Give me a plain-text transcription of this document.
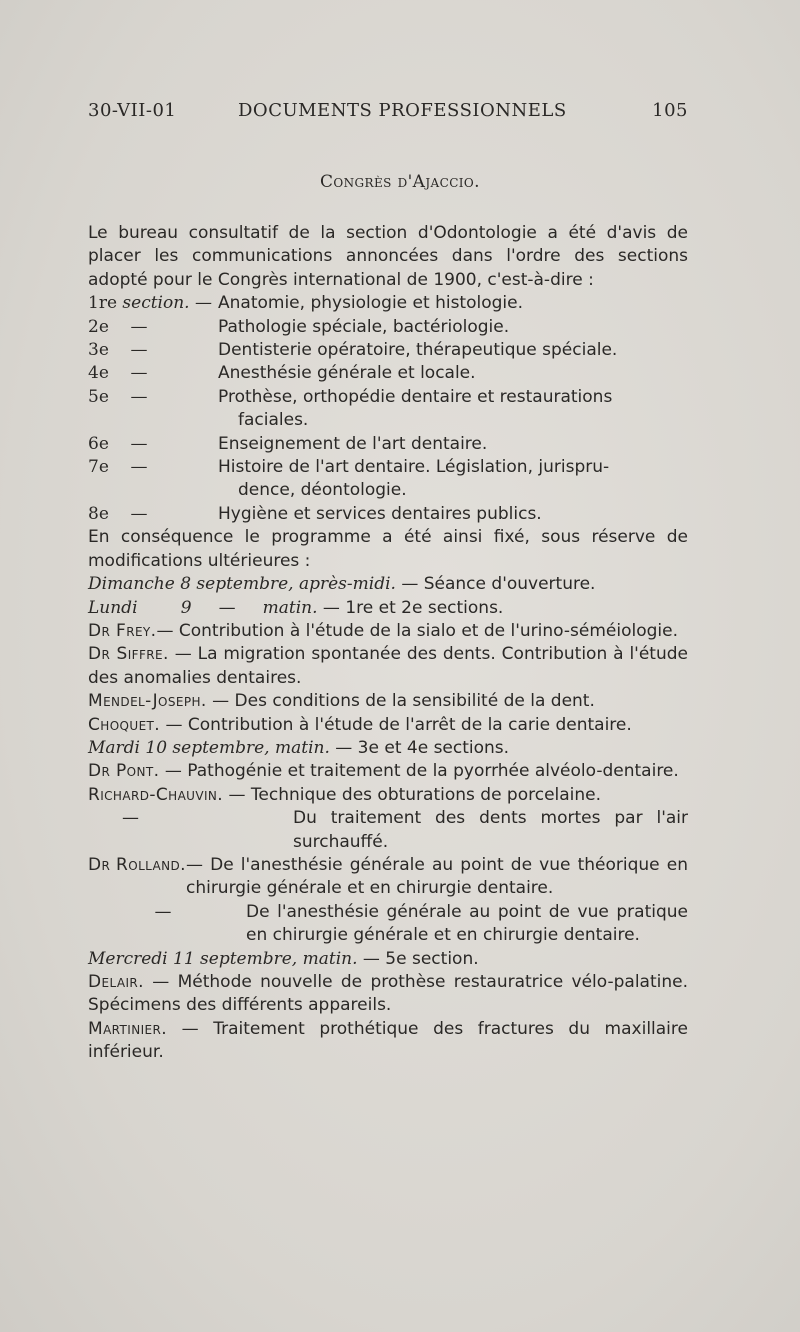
30-VII-01	DOCUMENTS PROFESSIONNELS	105
Congrès d'Ajaccio.
Le bureau consultatif de la section d'Odontologie a été d'avis de placer les communications annoncées dans l'ordre des sections adopté pour le Congrès international de 1900, c'est-à-dire :
1re section. — Anatomie, physiologie et histologie.
2e —	Pathologie spéciale, bactériologie.
3e —	Dentisterie opératoire, thérapeutique spéciale.
4e —	Anesthésie générale et locale.
5e —	Prothèse, orthopédie dentaire et restaurations
faciales.
6e —	Enseignement de l'art dentaire.
7e —	Histoire de l'art dentaire. Législation, jurispru-
dence, déontologie.
8e —	Hygiène et services dentaires publics.
En conséquence le programme a été ainsi fixé, sous réserve de modifications ultérieures :
Dimanche 8 septembre, après-midi. — Séance d'ouverture.
Lundi	9 — matin. — 1re et 2e sections.
Dr Frey.— Contribution à l'étude de la sialo et de l'urino-séméiologie.
Dr Siffre. — La migration spontanée des dents. Contribution à l'étude des anomalies dentaires.
Mendel-Joseph. — Des conditions de la sensibilité de la dent.
Choquet. — Contribution à l'étude de l'arrêt de la carie dentaire.
Mardi 10 septembre, matin. — 3e et 4e sections.
Dr Pont. — Pathogénie et traitement de la pyorrhée alvéolo-dentaire.
Richard-Chauvin. — Technique des obturations de porcelaine.
—	Du traitement des dents mortes par l'air surchauffé.
Dr Rolland. — De l'anesthésie générale au point de vue théorique en chirurgie générale et en chirurgie dentaire.
—	De l'anesthésie générale au point de vue pratique en chirurgie générale et en chirurgie dentaire.
Mercredi 11 septembre, matin. — 5e section.
Delair. — Méthode nouvelle de prothèse restauratrice vélo-palatine. Spécimens des différents appareils.
Martinier. — Traitement prothétique des fractures du maxillaire inférieur.
